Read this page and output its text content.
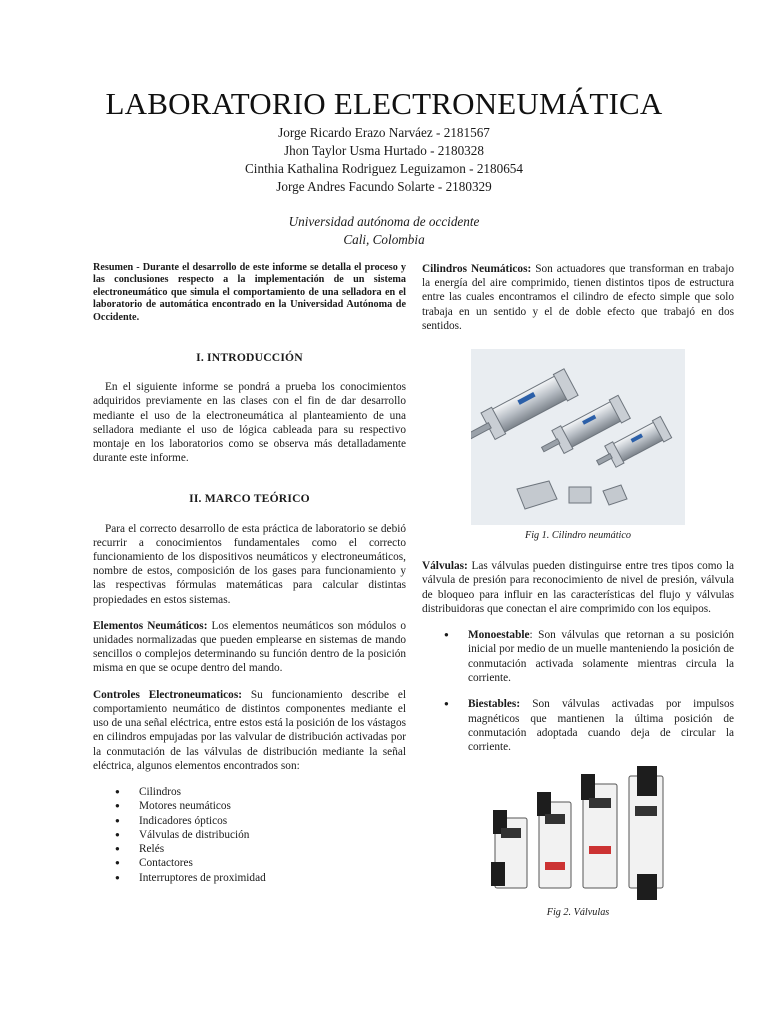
LABORATORIO ELECTRONEUMÁTICA
Jorge Ricardo Erazo Narváez - 2181567
Jhon Taylor Usma Hurtado - 2180328
Cinthia Kathalina Rodriguez Leguizamon - 2180654
Jorge Andres Facundo Solarte - 2180329
Universidad autónoma de occidente
Cali, Colombia

Resumen - Durante el desarrollo de este informe se detalla el proceso y las conclusiones respecto a la implementación de un sistema electroneumático que simula el comportamiento de una selladora en el laboratorio de automática encontrado en la Universidad Autónoma de Occidente.

I. INTRODUCCIÓN

En el siguiente informe se pondrá a prueba los conocimientos adquiridos previamente en las clases con el fin de dar desarrollo mediante el uso de la electroneumática al planteamiento de una selladora mediante el uso de lógica cableada para su respectivo montaje en los laboratorios como se observa más detalladamente durante este informe.

II. MARCO TEÓRICO

Para el correcto desarrollo de esta práctica de laboratorio se debió recurrir a conocimientos fundamentales como el correcto funcionamiento de los dispositivos neumáticos y electroneumáticos, nombre de estos, composición de los gases para funcionamiento y las respectivas fórmulas matemáticas para calcular distintas propiedades en estos sistemas.

Elementos Neumáticos: Los elementos neumáticos son módulos o unidades normalizadas que pueden emplearse en sistemas de mando sencillos o complejos determinando su función dentro de la posición misma en que se ocupe dentro del mando.

Controles Electroneumaticos: Su funcionamiento describe el comportamiento neumático de distintos componentes mediante el uso de una señal eléctrica, entre estos está la posición de los vástagos en cilindros empujadas por las valvular de distribución activadas por la conmutación de las válvulas de distribución mediante la señal eléctrica, algunos elementos encontrados son:

● Cilindros
● Motores neumáticos
● Indicadores ópticos
● Válvulas de distribución
● Relés
● Contactores
● Interruptores de proximidad

Cilindros Neumáticos: Son actuadores que transforman en trabajo la energía del aire comprimido, tienen distintos tipos de estructura entre las cuales encontramos el cilindro de efecto simple que solo trabaja en un sentido y el de doble efecto que trabajó en dos sentidos.

Fig 1. Cilindro neumático

Válvulas: Las válvulas pueden distinguirse entre tres tipos como la válvula de presión para reconocimiento de nivel de presión, válvula de bloqueo para influir en las características del flujo y válvulas distribuidoras que conectan el aire comprimido con los equipos.

● Monoestable: Son válvulas que retornan a su posición inicial por medio de un muelle manteniendo la posición de conmutación activada solamente mientras circula la corriente.
● Biestables: Son válvulas activadas por impulsos magnéticos que mantienen la última posición de conmutación adoptada cuando deja de circular la corriente.
Fig 2. Válvulas
